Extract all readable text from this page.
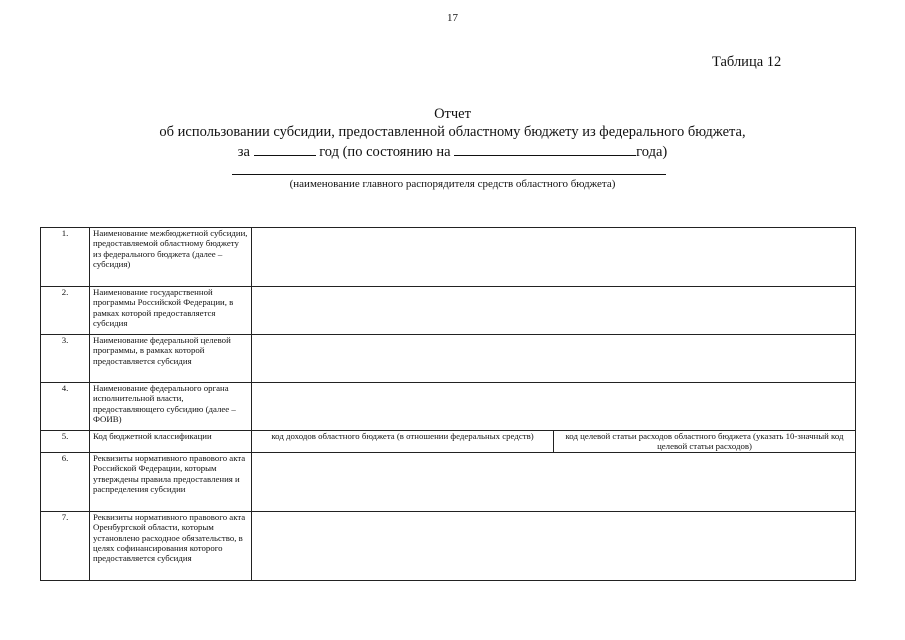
17
Таблица 12
Отчет
об использовании субсидии, предоставленной областному бюджету из федерального бюджета,
за	год (по состоянию на	года)
(наименование главного распорядителя средств областного бюджета)
1.	Наименование межбюджетной субсидии, предоставляемой областному бюджету из федерального бюджета (далее – субсидия)		
2.	Наименование государственной программы Российской Федерации, в рамках которой предоставляется субсидия		
3.	Наименование федеральной целевой программы, в рамках которой предоставляется субсидия		
4.	Наименование федерального органа исполнительной власти, предоставляющего субсидию (далее – ФОИВ)		
5.	Код бюджетной классификации	код доходов областного бюджета (в отношении федеральных средств)	код целевой статьи расходов областного бюджета (указать 10-значный код целевой статьи расходов)
6.	Реквизиты нормативного правового акта Российской Федерации, которым утверждены правила предоставления и распределения субсидии		
7.	Реквизиты нормативного правового акта Оренбургской области, которым установлено расходное обязательство, в целях софинансирования которого предоставляется субсидия		
